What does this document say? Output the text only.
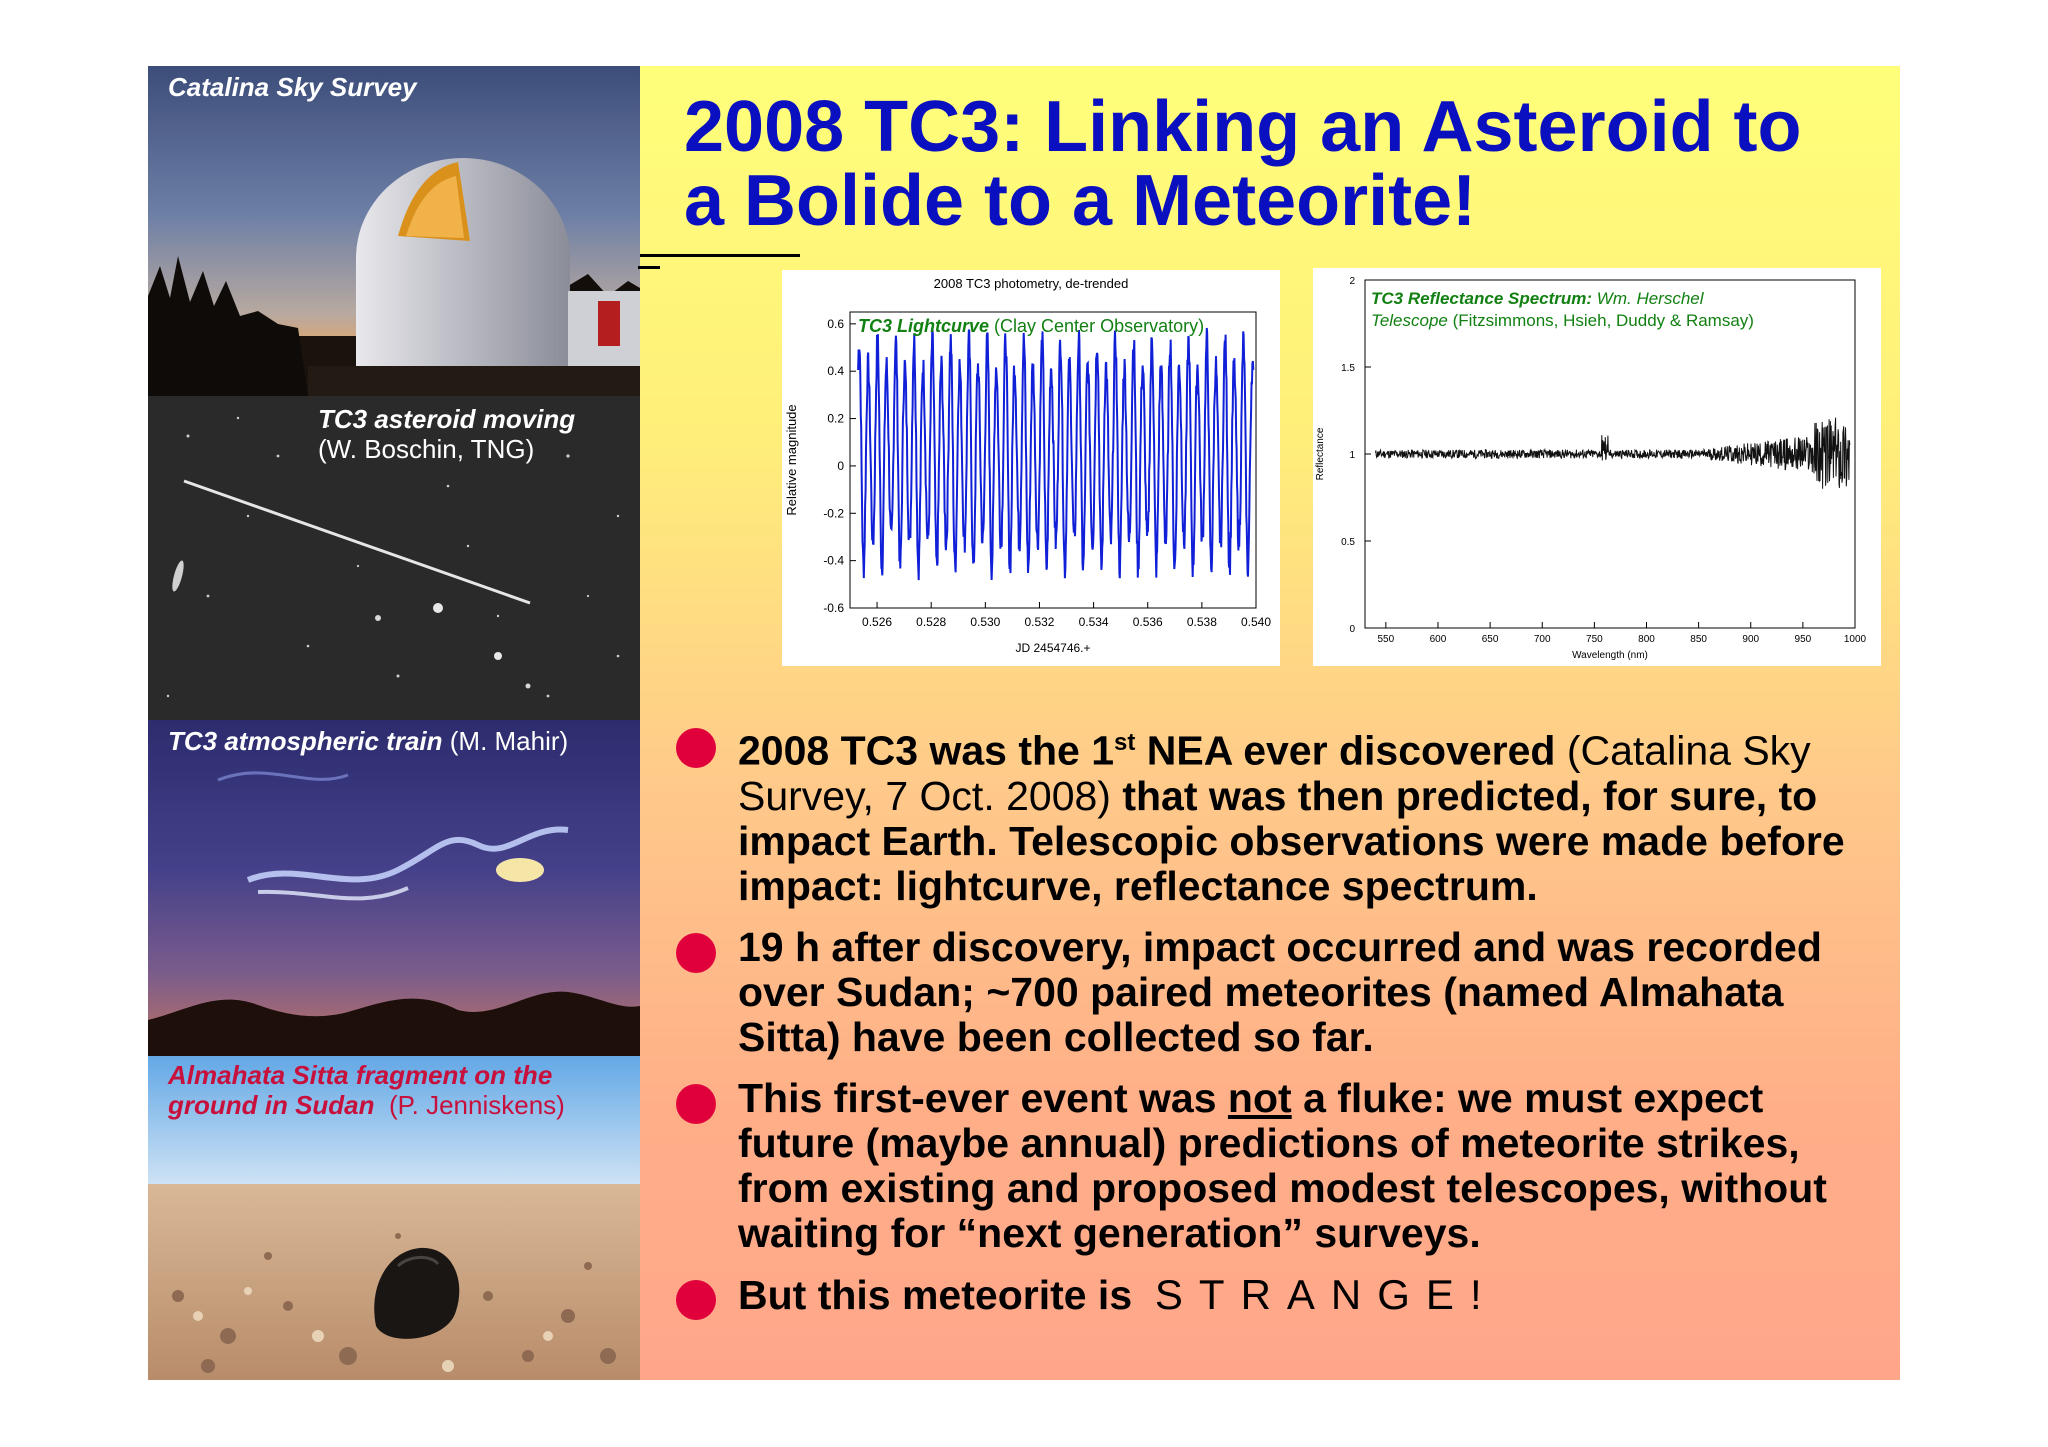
Catalina Sky Survey
TC3 asteroid moving
(W. Boschin, TNG)
TC3 atmospheric train (M. Mahir)
Almahata Sitta fragment on the
ground in Sudan (P. Jenniskens)
2008 TC3: Linking an Asteroid to
a Bolide to a Meteorite!
2008 TC3 photometry, de-trended
0.6
0.4
0.2
0
-0.2
-0.4
-0.6
0.526 0.528 0.530 0.532 0.534 0.536 0.538 0.540
JD 2454746.+
Relative magnitude
TC3 Lightcurve (Clay Center Observatory)
2
1.5
1
0.5
0
550	600	650	700	750	800	850	900	950	1000
Wavelength (nm)
Reflectance
TC3 Reflectance Spectrum: Wm. Herschel
Telescope (Fitzsimmons, Hsieh, Duddy & Ramsay)
2008 TC3 was the 1st NEA ever discovered (Catalina Sky Survey, 7 Oct. 2008) that was then predicted, for sure, to impact Earth. Telescopic observations were made before impact: lightcurve, reflectance spectrum.
19 h after discovery, impact occurred and was recorded over Sudan; ~700 paired meteorites (named Almahata Sitta) have been collected so far.
This first-ever event was not a fluke: we must expect future (maybe annual) predictions of meteorite strikes, from existing and proposed modest telescopes, without waiting for “next generation” surveys.
But this meteorite is  STRANGE!
